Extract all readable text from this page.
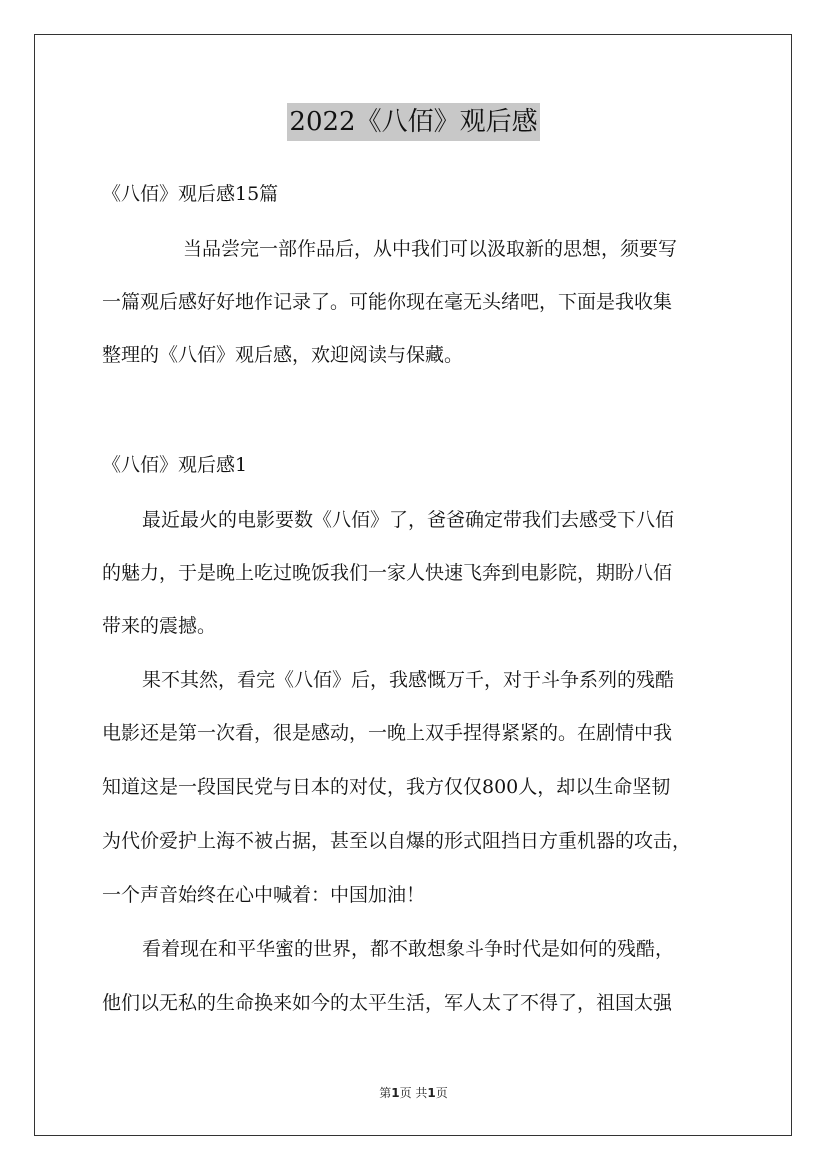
2022《八佰》观后感
《八佰》观后感15篇
当品尝完一部作品后，从中我们可以汲取新的思想，须要写
一篇观后感好好地作记录了。可能你现在毫无头绪吧，下面是我收集
整理的《八佰》观后感，欢迎阅读与保藏。
《八佰》观后感1
最近最火的电影要数《八佰》了，爸爸确定带我们去感受下八佰
的魅力，于是晚上吃过晚饭我们一家人快速飞奔到电影院，期盼八佰
带来的震撼。
果不其然，看完《八佰》后，我感慨万千，对于斗争系列的残酷
电影还是第一次看，很是感动，一晚上双手捏得紧紧的。在剧情中我
知道这是一段国民党与日本的对仗，我方仅仅800人，却以生命坚韧
为代价爱护上海不被占据，甚至以自爆的形式阻挡日方重机器的攻击，
一个声音始终在心中喊着：中国加油！
看着现在和平华蜜的世界，都不敢想象斗争时代是如何的残酷，
他们以无私的生命换来如今的太平生活，军人太了不得了，祖国太强
第1页 共1页
